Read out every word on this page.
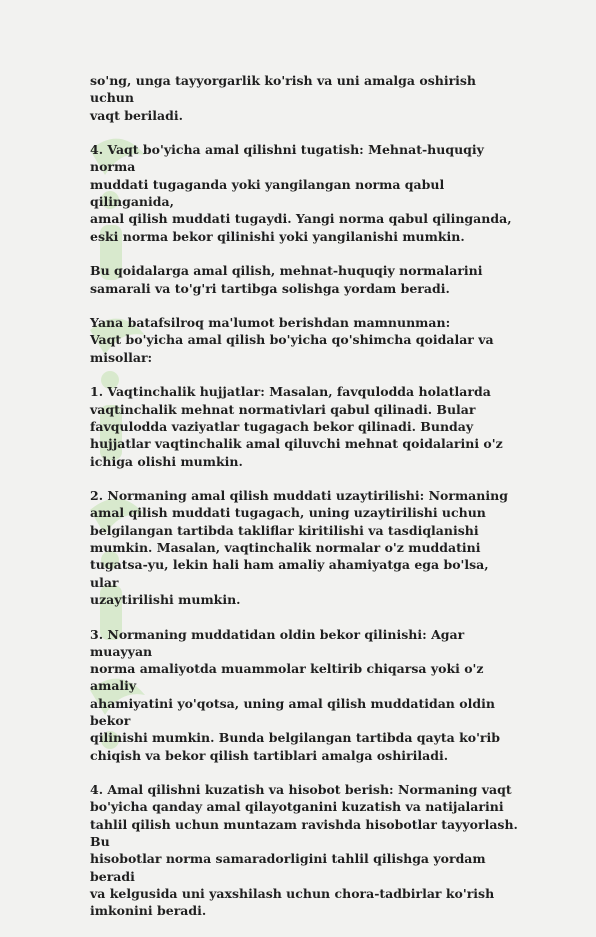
so'ng, unga tayyorgarlik ko'rish va uni amalga oshirish uchun
vaqt beriladi.

4. Vaqt bo'yicha amal qilishni tugatish: Mehnat-huquqiy norma
muddati tugaganda yoki yangilangan norma qabul qilinganida,
amal qilish muddati tugaydi. Yangi norma qabul qilinganda,
eski norma bekor qilinishi yoki yangilanishi mumkin.

Bu qoidalarga amal qilish, mehnat-huquqiy normalarini
samarali va to'g'ri tartibga solishga yordam beradi.

Yana batafsilroq ma'lumot berishdan mamnunman:
Vaqt bo'yicha amal qilish bo'yicha qo'shimcha qoidalar va
misollar:

1. Vaqtinchalik hujjatlar: Masalan, favqulodda holatlarda
vaqtinchalik mehnat normativlari qabul qilinadi. Bular
favqulodda vaziyatlar tugagach bekor qilinadi. Bunday
hujjatlar vaqtinchalik amal qiluvchi mehnat qoidalarini o'z
ichiga olishi mumkin.

2. Normaning amal qilish muddati uzaytirilishi: Normaning
amal qilish muddati tugagach, uning uzaytirilishi uchun
belgilangan tartibda takliflar kiritilishi va tasdiqlanishi
mumkin. Masalan, vaqtinchalik normalar o'z muddatini
tugatsa-yu, lekin hali ham amaliy ahamiyatga ega bo'lsa, ular
uzaytirilishi mumkin.

3. Normaning muddatidan oldin bekor qilinishi: Agar muayyan
norma amaliyotda muammolar keltirib chiqarsa yoki o'z amaliy
ahamiyatini yo'qotsa, uning amal qilish muddatidan oldin bekor
qilinishi mumkin. Bunda belgilangan tartibda qayta ko'rib
chiqish va bekor qilish tartiblari amalga oshiriladi.

4. Amal qilishni kuzatish va hisobot berish: Normaning vaqt
bo'yicha qanday amal qilayotganini kuzatish va natijalarini
tahlil qilish uchun muntazam ravishda hisobotlar tayyorlash. Bu
hisobotlar norma samaradorligini tahlil qilishga yordam beradi
va kelgusida uni yaxshilash uchun chora-tadbirlar ko'rish
imkonini beradi.
